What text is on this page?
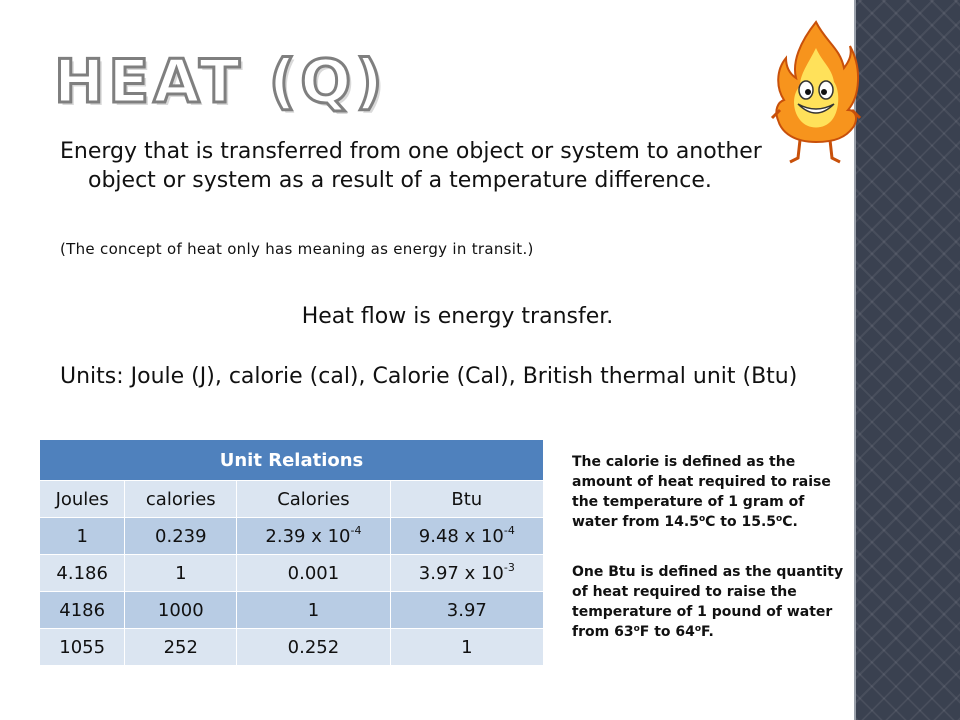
HEAT (Q)

Energy that is transferred from one object or system to another object or system as a result of a temperature difference.

(The concept of heat only has meaning as energy in transit.)

Heat flow is energy transfer.

Units: Joule (J), calorie (cal), Calorie (Cal), British thermal unit (Btu)

Unit Relations			
Joules	calories	Calories	Btu
1	0.239	2.39 x $10^{-4}$	9.48 x $10^{-4}$
4.186	1	0.001	3.97 x $10^{-3}$
4186	1000	1	3.97
1055	252	0.252	1

The calorie is defined as the amount of heat required to raise the temperature of 1 gram of water from 14.5$^o$C to 15.5$^o$C.

One Btu is defined as the quantity of heat required to raise the temperature of 1 pound of water from 63$^o$F to 64$^o$F.
